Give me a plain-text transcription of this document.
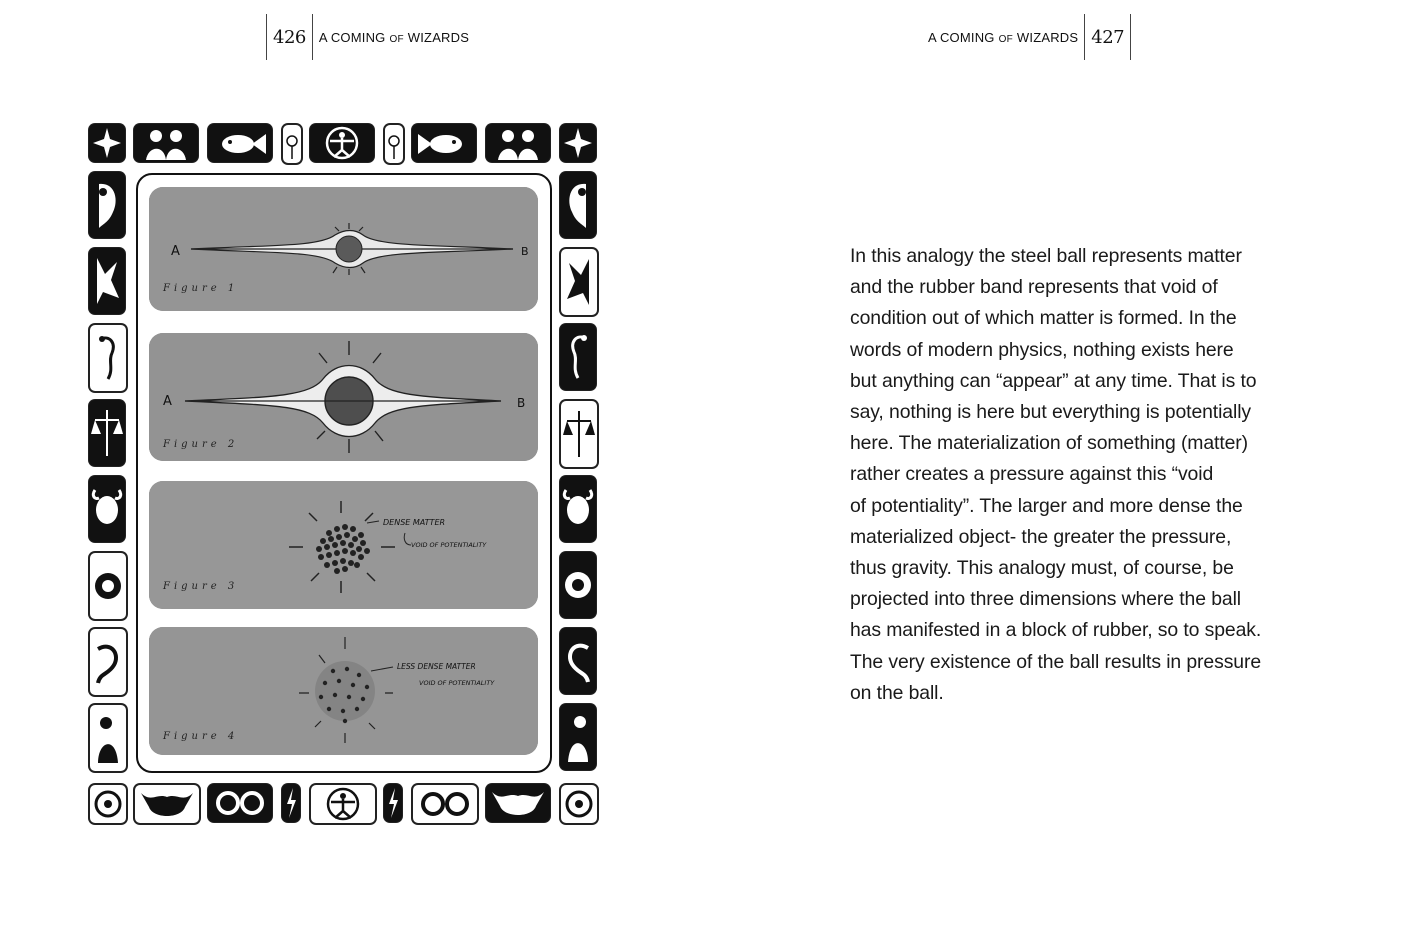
426	A COMING OF WIZARDS
A	B
Figure 1
A	B
Figure 2
DENSE MATTER
VOID OF POTENTIALITY
Figure 3
LESS DENSE MATTER
VOID OF POTENTIALITY
Figure 4
A COMING OF WIZARDS 427
In this analogy the steel ball represents matter
and the rubber band represents that void of
condition out of which matter is formed. In the
words of modern physics, nothing exists here
but anything can “appear” at any time. That is to
say, nothing is here but everything is potentially
here. The materialization of something (matter)
rather creates a pressure against this “void
of potentiality”. The larger and more dense the
materialized object- the greater the pressure,
thus gravity. This analogy must, of course, be
projected into three dimensions where the ball
has manifested in a block of rubber, so to speak.
The very existence of the ball results in pressure
on the ball.
